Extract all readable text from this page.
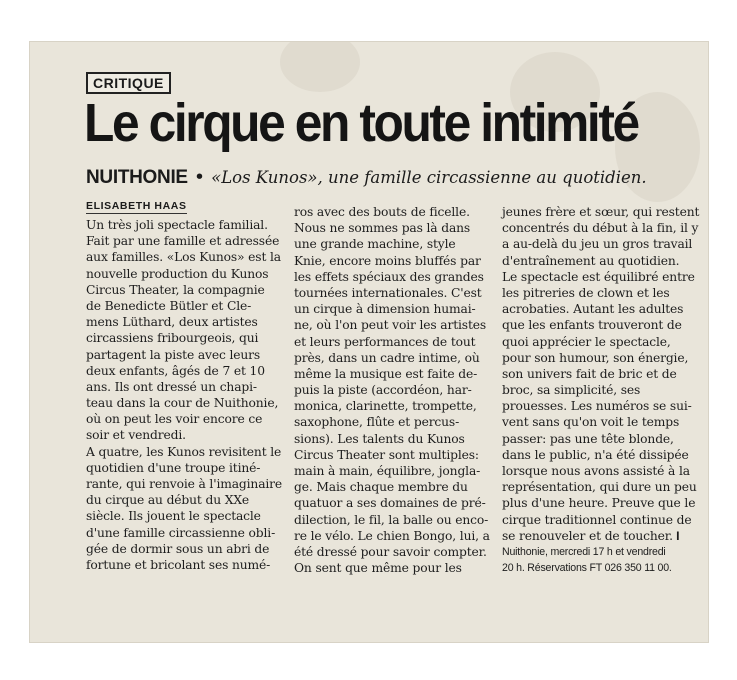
CRITIQUE
Le cirque en toute intimité
NUITHONIE • «Los Kunos», une famille circassienne au quotidien.
ELISABETH HAAS
Un très joli spectacle familial.
Fait par une famille et adressée
aux familles. «Los Kunos» est la
nouvelle production du Kunos
Circus Theater, la compagnie
de Benedicte Bütler et Cle-
mens Lüthard, deux artistes
circassiens fribourgeois, qui
partagent la piste avec leurs
deux enfants, âgés de 7 et 10
ans. Ils ont dressé un chapi-
teau dans la cour de Nuithonie,
où on peut les voir encore ce
soir et vendredi.
A quatre, les Kunos revisitent le
quotidien d'une troupe itiné-
rante, qui renvoie à l'imaginaire
du cirque au début du XXe
siècle. Ils jouent le spectacle
d'une famille circassienne obli-
gée de dormir sous un abri de
fortune et bricolant ses numé-
ros avec des bouts de ficelle.
Nous ne sommes pas là dans
une grande machine, style
Knie, encore moins bluffés par
les effets spéciaux des grandes
tournées internationales. C'est
un cirque à dimension humai-
ne, où l'on peut voir les artistes
et leurs performances de tout
près, dans un cadre intime, où
même la musique est faite de-
puis la piste (accordéon, har-
monica, clarinette, trompette,
saxophone, flûte et percus-
sions). Les talents du Kunos
Circus Theater sont multiples:
main à main, équilibre, jongla-
ge. Mais chaque membre du
quatuor a ses domaines de pré-
dilection, le fil, la balle ou enco-
re le vélo. Le chien Bongo, lui, a
été dressé pour savoir compter.
On sent que même pour les
jeunes frère et sœur, qui restent
concentrés du début à la fin, il y
a au-delà du jeu un gros travail
d'entraînement au quotidien.
Le spectacle est équilibré entre
les pitreries de clown et les
acrobaties. Autant les adultes
que les enfants trouveront de
quoi apprécier le spectacle,
pour son humour, son énergie,
son univers fait de bric et de
broc, sa simplicité, ses
prouesses. Les numéros se sui-
vent sans qu'on voit le temps
passer: pas une tête blonde,
dans le public, n'a été dissipée
lorsque nous avons assisté à la
représentation, qui dure un peu
plus d'une heure. Preuve que le
cirque traditionnel continue de
se renouveler et de toucher. I
Nuithonie, mercredi 17 h et vendredi
20 h. Réservations FT 026 350 11 00.
